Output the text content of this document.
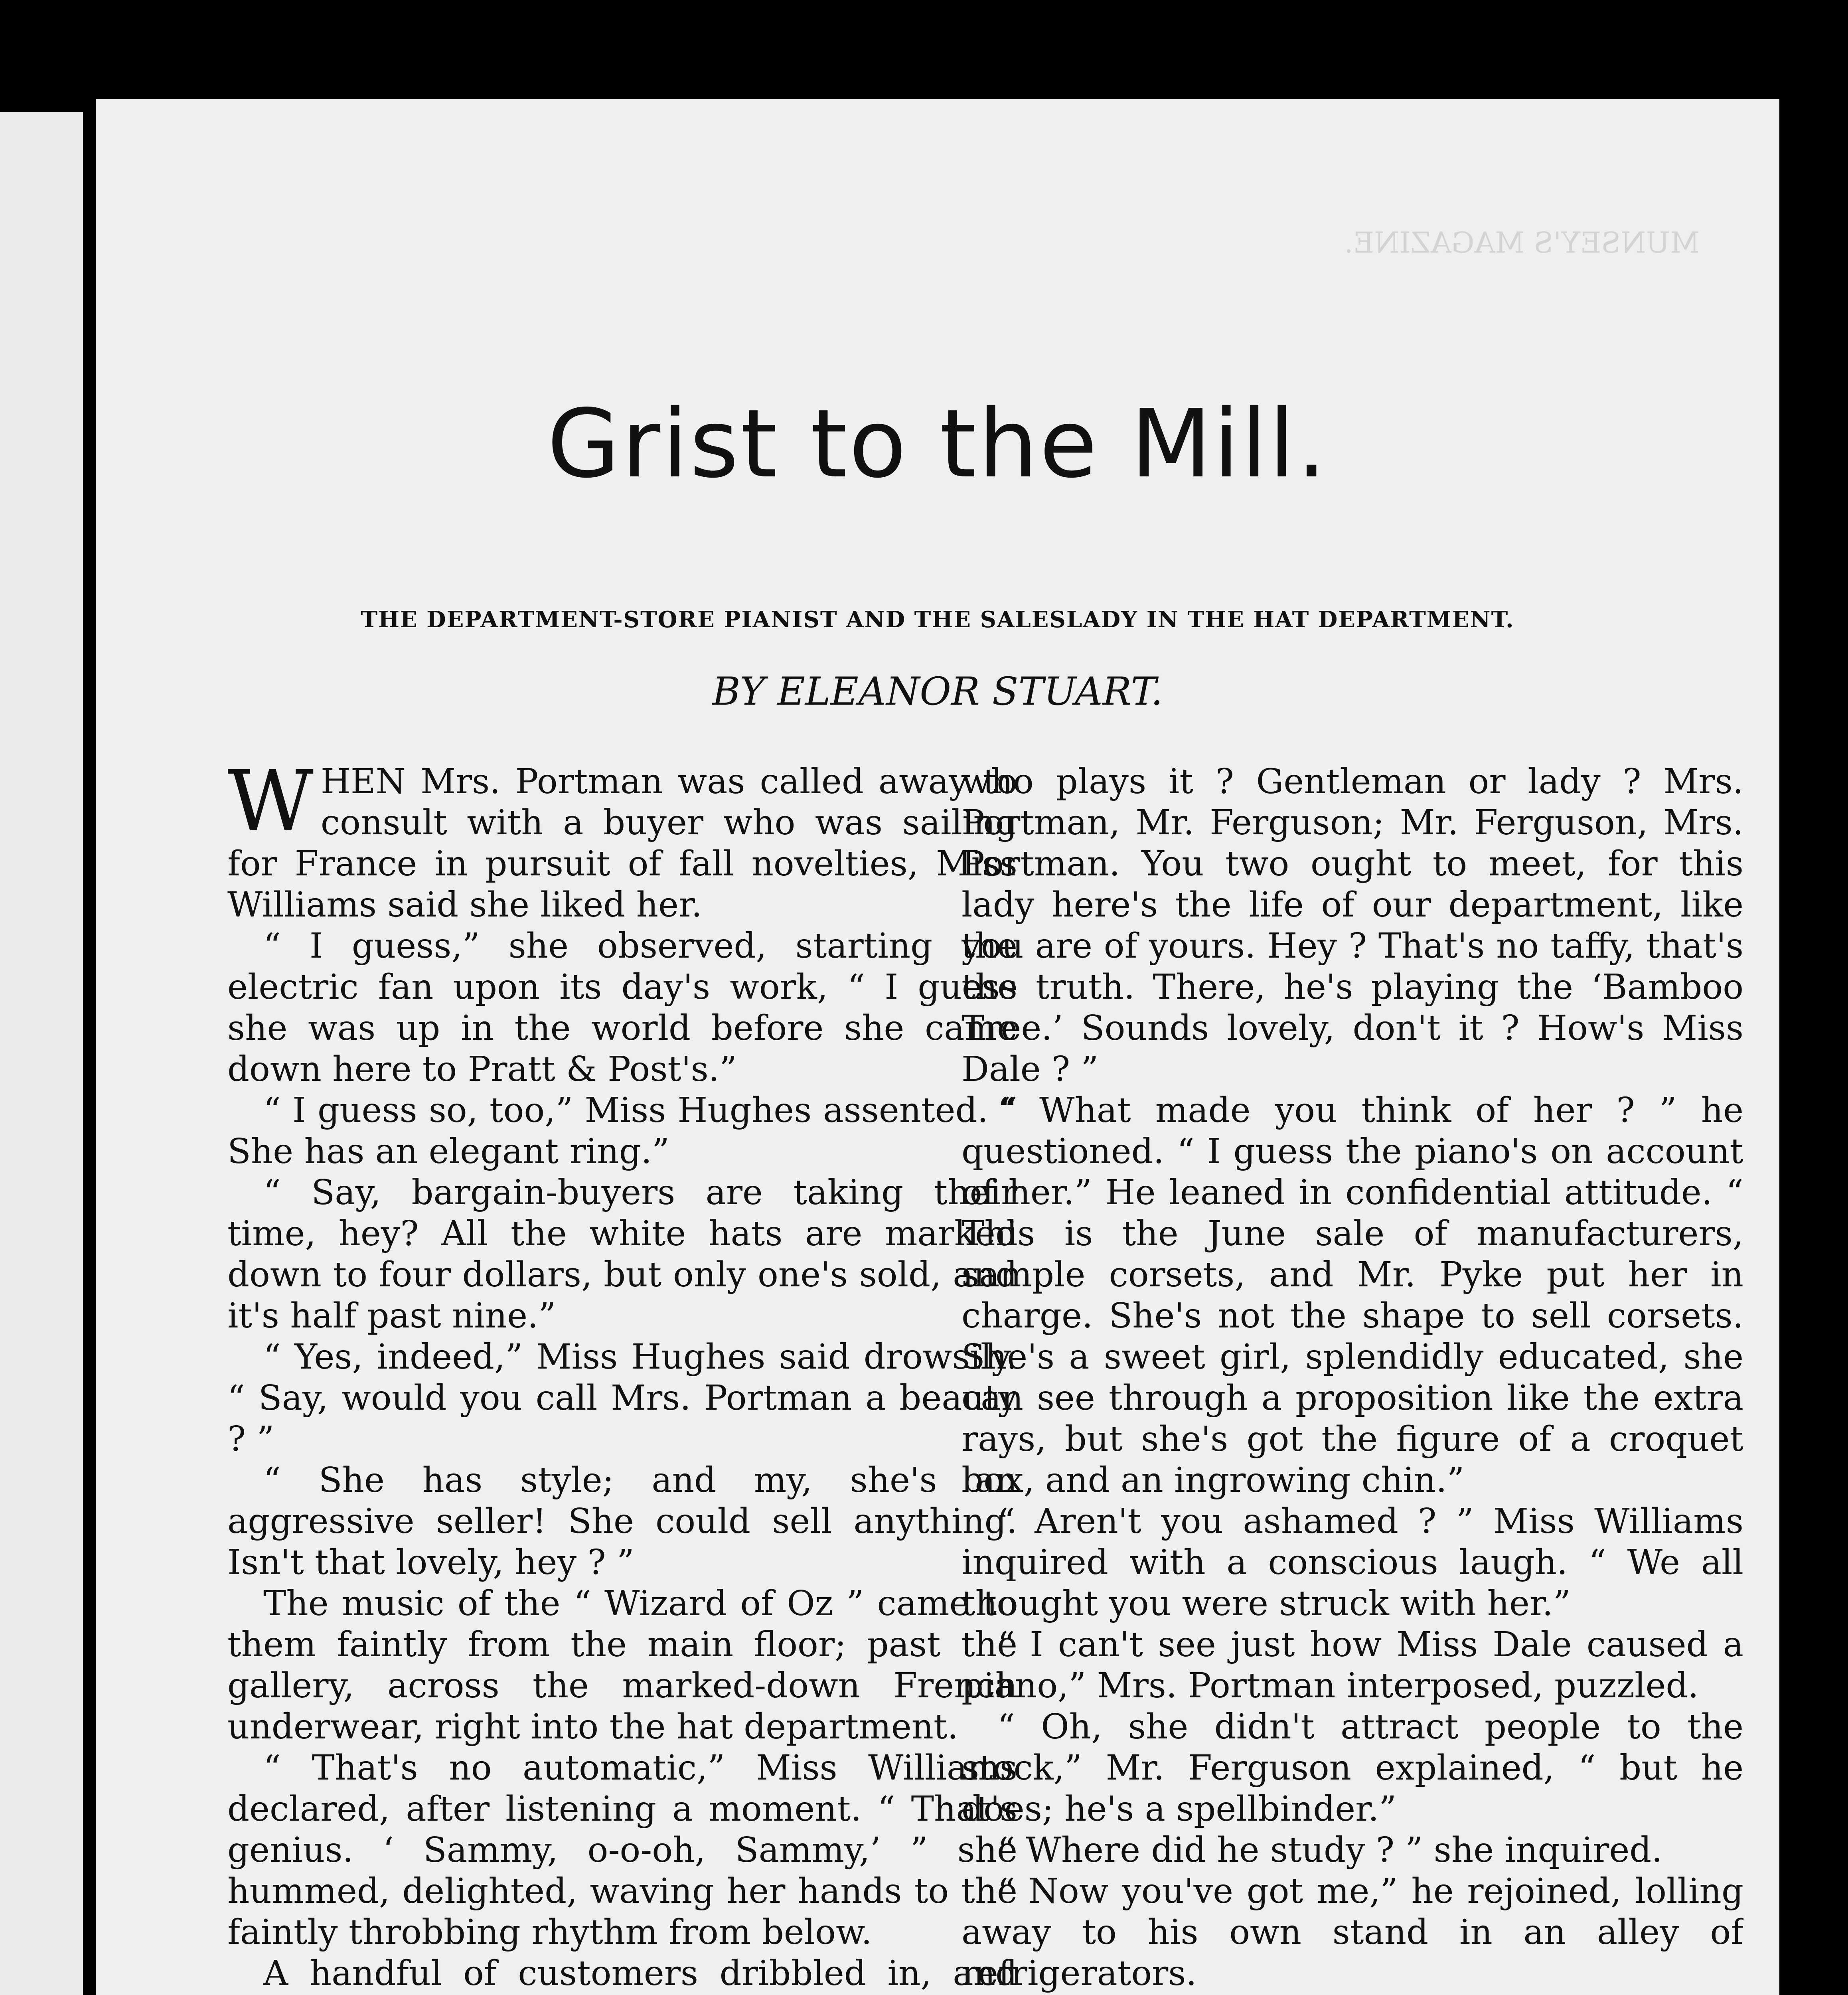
MUNSEY'S MAGAZINE.
Grist to the Mill.
THE DEPARTMENT-STORE PIANIST AND THE SALESLADY IN THE HAT DEPARTMENT.
BY ELEANOR STUART.

WHEN Mrs. Portman was called away to consult with a buyer who was sailing for France in pursuit of fall novelties, Miss Williams said she liked her.

“ I guess,” she observed, starting the electric fan upon its day's work, “ I guess she was up in the world before she came down here to Pratt & Post's.”

“ I guess so, too,” Miss Hughes assented. “ She has an elegant ring.”

“ Say, bargain-buyers are taking their time, hey? All the white hats are marked down to four dollars, but only one's sold, and it's half past nine.”

“ Yes, indeed,” Miss Hughes said drowsily. “ Say, would you call Mrs. Portman a beauty ? ”

“ She has style; and my, she's an aggressive seller! She could sell anything. Isn't that lovely, hey ? ”

The music of the “ Wizard of Oz ” came to them faintly from the main floor; past the gallery, across the marked-down French underwear, right into the hat department.

“ That's no automatic,” Miss Williams declared, after listening a moment. “ That's genius. ‘ Sammy, o-o-oh, Sammy,’ ” she hummed, delighted, waving her hands to the faintly throbbing rhythm from below.

A handful of customers dribbled in, and

who plays it ? Gentleman or lady ? Mrs. Portman, Mr. Ferguson; Mr. Ferguson, Mrs. Portman. You two ought to meet, for this lady here's the life of our department, like you are of yours. Hey ? That's no taffy, that's the truth. There, he's playing the ‘Bamboo Tree.’ Sounds lovely, don't it ? How's Miss Dale ? ”

“ What made you think of her ? ” he questioned. “ I guess the piano's on account of her.” He leaned in confidential attitude. “ This is the June sale of manufacturers, sample corsets, and Mr. Pyke put her in charge. She's not the shape to sell corsets. She's a sweet girl, splendidly educated, she can see through a proposition like the extra rays, but she's got the figure of a croquet box, and an ingrowing chin.”

“ Aren't you ashamed ? ” Miss Williams inquired with a conscious laugh. “ We all thought you were struck with her.”

“ I can't see just how Miss Dale caused a piano,” Mrs. Portman interposed, puzzled.

“ Oh, she didn't attract people to the stock,” Mr. Ferguson explained, “ but he does; he's a spellbinder.”

“ Where did he study ? ” she inquired.

“ Now you've got me,” he rejoined, lolling away to his own stand in an alley of refrigerators.
